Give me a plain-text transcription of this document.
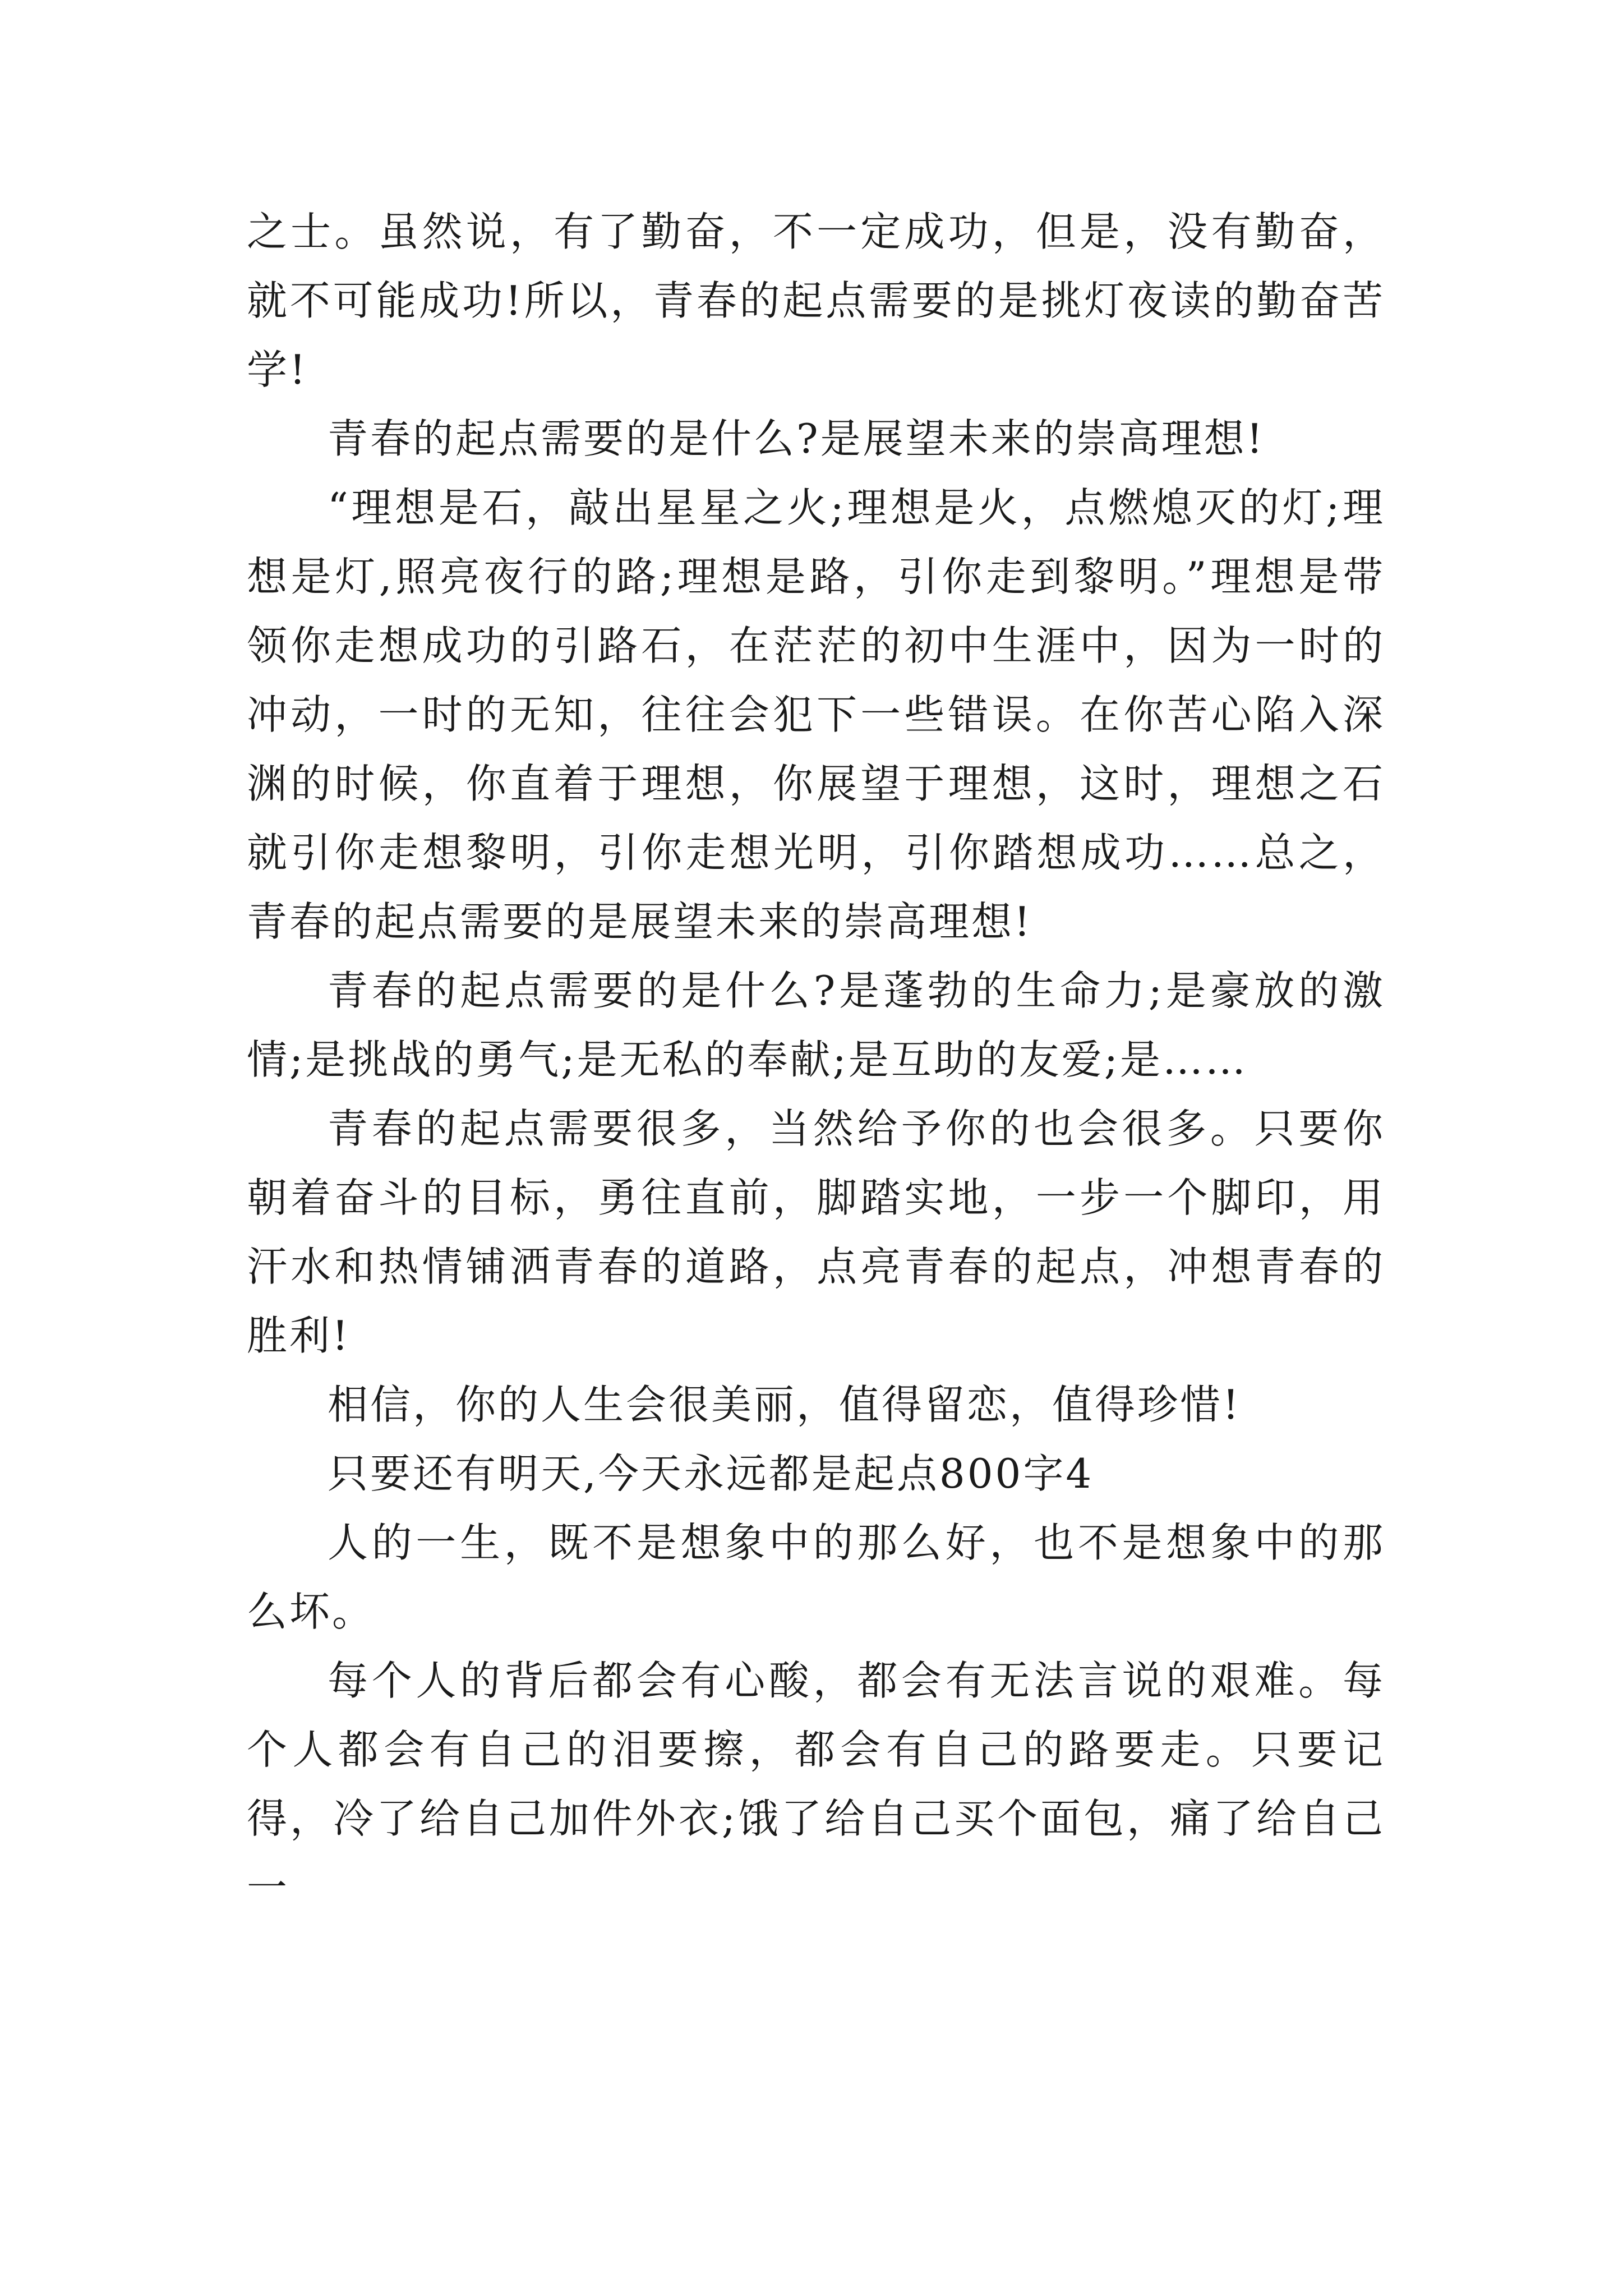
之士。虽然说，有了勤奋，不一定成功，但是，没有勤奋，就不可能成功!所以，青春的起点需要的是挑灯夜读的勤奋苦学!

青春的起点需要的是什么?是展望未来的崇高理想!

“理想是石，敲出星星之火;理想是火，点燃熄灭的灯;理想是灯,照亮夜行的路;理想是路，引你走到黎明。”理想是带领你走想成功的引路石，在茫茫的初中生涯中，因为一时的冲动，一时的无知，往往会犯下一些错误。在你苦心陷入深渊的时候，你直着于理想，你展望于理想，这时，理想之石就引你走想黎明，引你走想光明，引你踏想成功……总之，青春的起点需要的是展望未来的崇高理想!

青春的起点需要的是什么?是蓬勃的生命力;是豪放的激情;是挑战的勇气;是无私的奉献;是互助的友爱;是……

青春的起点需要很多，当然给予你的也会很多。只要你朝着奋斗的目标，勇往直前，脚踏实地，一步一个脚印，用汗水和热情铺洒青春的道路，点亮青春的起点，冲想青春的胜利!

相信，你的人生会很美丽，值得留恋，值得珍惜!

只要还有明天,今天永远都是起点800字4

人的一生，既不是想象中的那么好，也不是想象中的那么坏。

每个人的背后都会有心酸，都会有无法言说的艰难。每个人都会有自己的泪要擦，都会有自己的路要走。只要记得，冷了给自己加件外衣;饿了给自己买个面包，痛了给自己一
